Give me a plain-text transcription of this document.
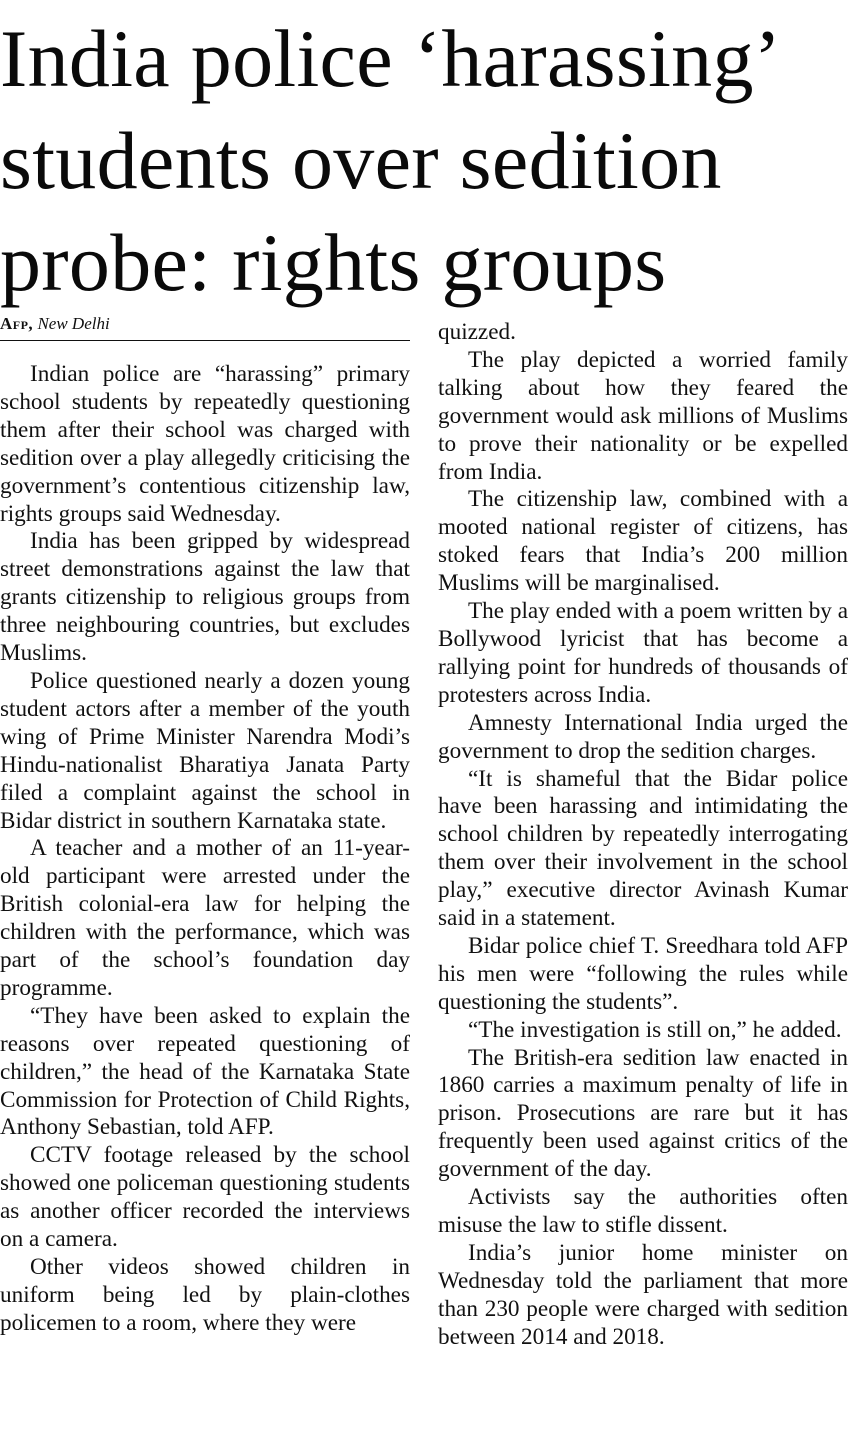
India police ‘harassing’
students over sedition
probe: rights groups
Afp, New Delhi

Indian police are “harassing” primary school students by repeatedly questioning them after their school was charged with sedition over a play allegedly criticising the government’s contentious citizenship law, rights groups said Wednesday.

India has been gripped by widespread street demonstrations against the law that grants citizenship to religious groups from three neighbouring countries, but excludes Muslims.

Police questioned nearly a dozen young student actors after a member of the youth wing of Prime Minister Narendra Modi’s Hindu-nationalist Bharatiya Janata Party filed a complaint against the school in Bidar district in southern Karnataka state.

A teacher and a mother of an 11-year-old participant were arrested under the British colonial-era law for helping the children with the performance, which was part of the school’s foundation day programme.

“They have been asked to explain the reasons over repeated questioning of children,” the head of the Karnataka State Commission for Protection of Child Rights, Anthony Sebastian, told AFP.

CCTV footage released by the school showed one policeman questioning students as another officer recorded the interviews on a camera.

Other videos showed children in uniform being led by plain-clothes policemen to a room, where they were

quizzed.

The play depicted a worried family talking about how they feared the government would ask millions of Muslims to prove their nationality or be expelled from India.

The citizenship law, combined with a mooted national register of citizens, has stoked fears that India’s 200 million Muslims will be marginalised.

The play ended with a poem written by a Bollywood lyricist that has become a rallying point for hundreds of thousands of protesters across India.

Amnesty International India urged the government to drop the sedition charges.

“It is shameful that the Bidar police have been harassing and intimidating the school children by repeatedly interrogating them over their involvement in the school play,” executive director Avinash Kumar said in a statement.

Bidar police chief T. Sreedhara told AFP his men were “following the rules while questioning the students”.

“The investigation is still on,” he added.

The British-era sedition law enacted in 1860 carries a maximum penalty of life in prison. Prosecutions are rare but it has frequently been used against critics of the government of the day.

Activists say the authorities often misuse the law to stifle dissent.

India’s junior home minister on Wednesday told the parliament that more than 230 people were charged with sedition between 2014 and 2018.
